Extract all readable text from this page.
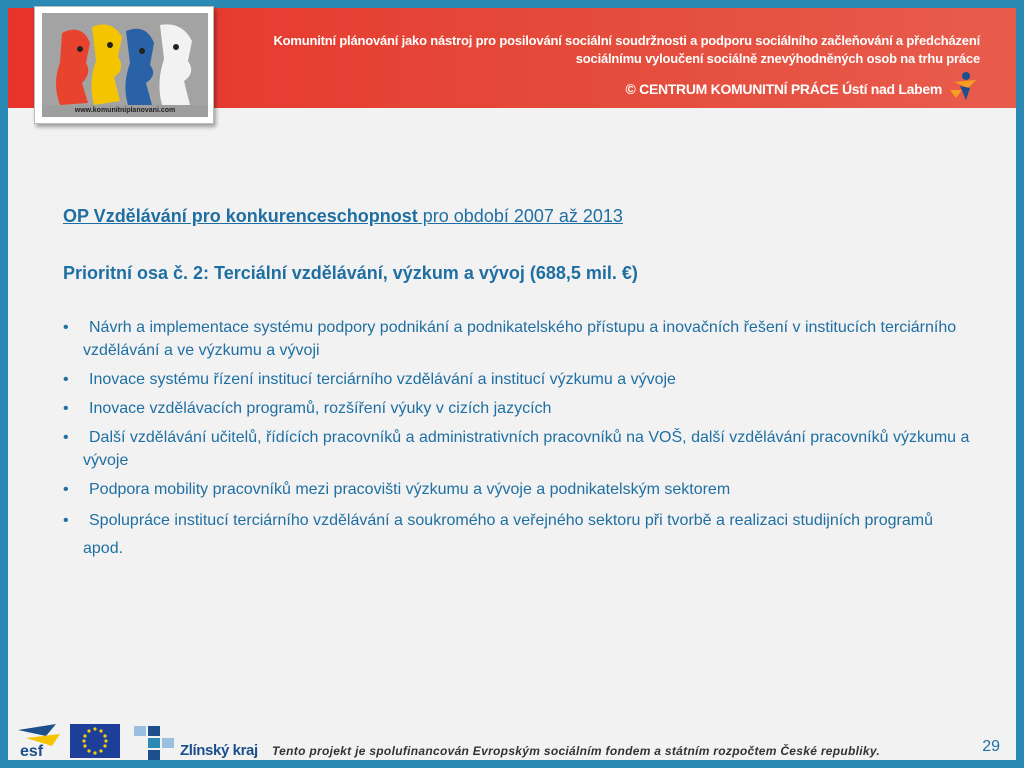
Komunitní plánování jako nástroj pro posilování sociální soudržnosti a podporu sociálního začleňování a předcházení
sociálnímu vyloučení sociálně znevýhodněných osob na trhu práce
© CENTRUM KOMUNITNÍ PRÁCE Ústí nad Labem
www.komunitniplanovani.com
OP Vzdělávání pro konkurenceschopnost pro období 2007 až 2013
Prioritní osa č. 2: Terciální vzdělávání, výzkum a vývoj (688,5 mil. €)
• Návrh a implementace systému podpory podnikání a podnikatelského přístupu a inovačních řešení v institucích terciárního vzdělávání a ve výzkumu a vývoji
• Inovace systému řízení institucí terciárního vzdělávání a institucí výzkumu a vývoje
• Inovace vzdělávacích programů, rozšíření výuky v cizích jazycích
• Další vzdělávání učitelů, řídících pracovníků a administrativních pracovníků na VOŠ, další vzdělávání pracovníků výzkumu a vývoje
• Podpora mobility pracovníků mezi pracovišti výzkumu a vývoje a podnikatelským sektorem
• Spolupráce institucí terciárního vzdělávání a soukromého a veřejného sektoru při tvorbě a realizaci studijních programů apod.
esf	Zlínský kraj Tento projekt je spolufinancován Evropským sociálním fondem a státním rozpočtem České republiky.	29
